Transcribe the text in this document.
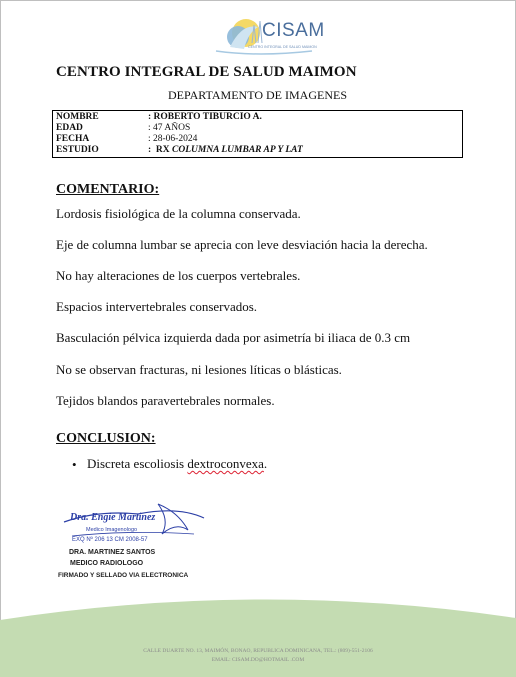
CISAM
CENTRO INTEGRAL DE SALUD MAIMON
CENTRO INTEGRAL DE SALUD MAIMON
DEPARTAMENTO DE IMAGENES
NOMBRE	: ROBERTO TIBURCIO A.
EDAD	: 47 AÑOS
FECHA	: 28-06-2024
ESTUDIO	:  RX COLUMNA LUMBAR AP Y LAT
COMENTARIO:
Lordosis fisiológica de la columna conservada.
Eje de columna lumbar se aprecia con leve desviación hacia la derecha.
No hay alteraciones de los cuerpos vertebrales.
Espacios intervertebrales conservados.
Basculación pélvica izquierda dada por asimetría bi iliaca de 0.3 cm
No se observan fracturas, ni lesiones líticas o blásticas.
Tejidos blandos paravertebrales normales.
CONCLUSION:
• Discreta escoliosis dextroconvexa.
Dra. Engie Martinez
Medico Imagenologo
EXQ Nº 206 13 CM 2008-57
DRA. MARTINEZ SANTOS
MEDICO RADIOLOGO
FIRMADO Y SELLADO VIA ELECTRONICA
CALLE DUARTE NO. 13, MAIMÓN, BONAO, REPUBLICA DOMINICANA, TEL.: (809)-551-2106
EMAIL: CISAM.DO@HOTMAIL .COM
